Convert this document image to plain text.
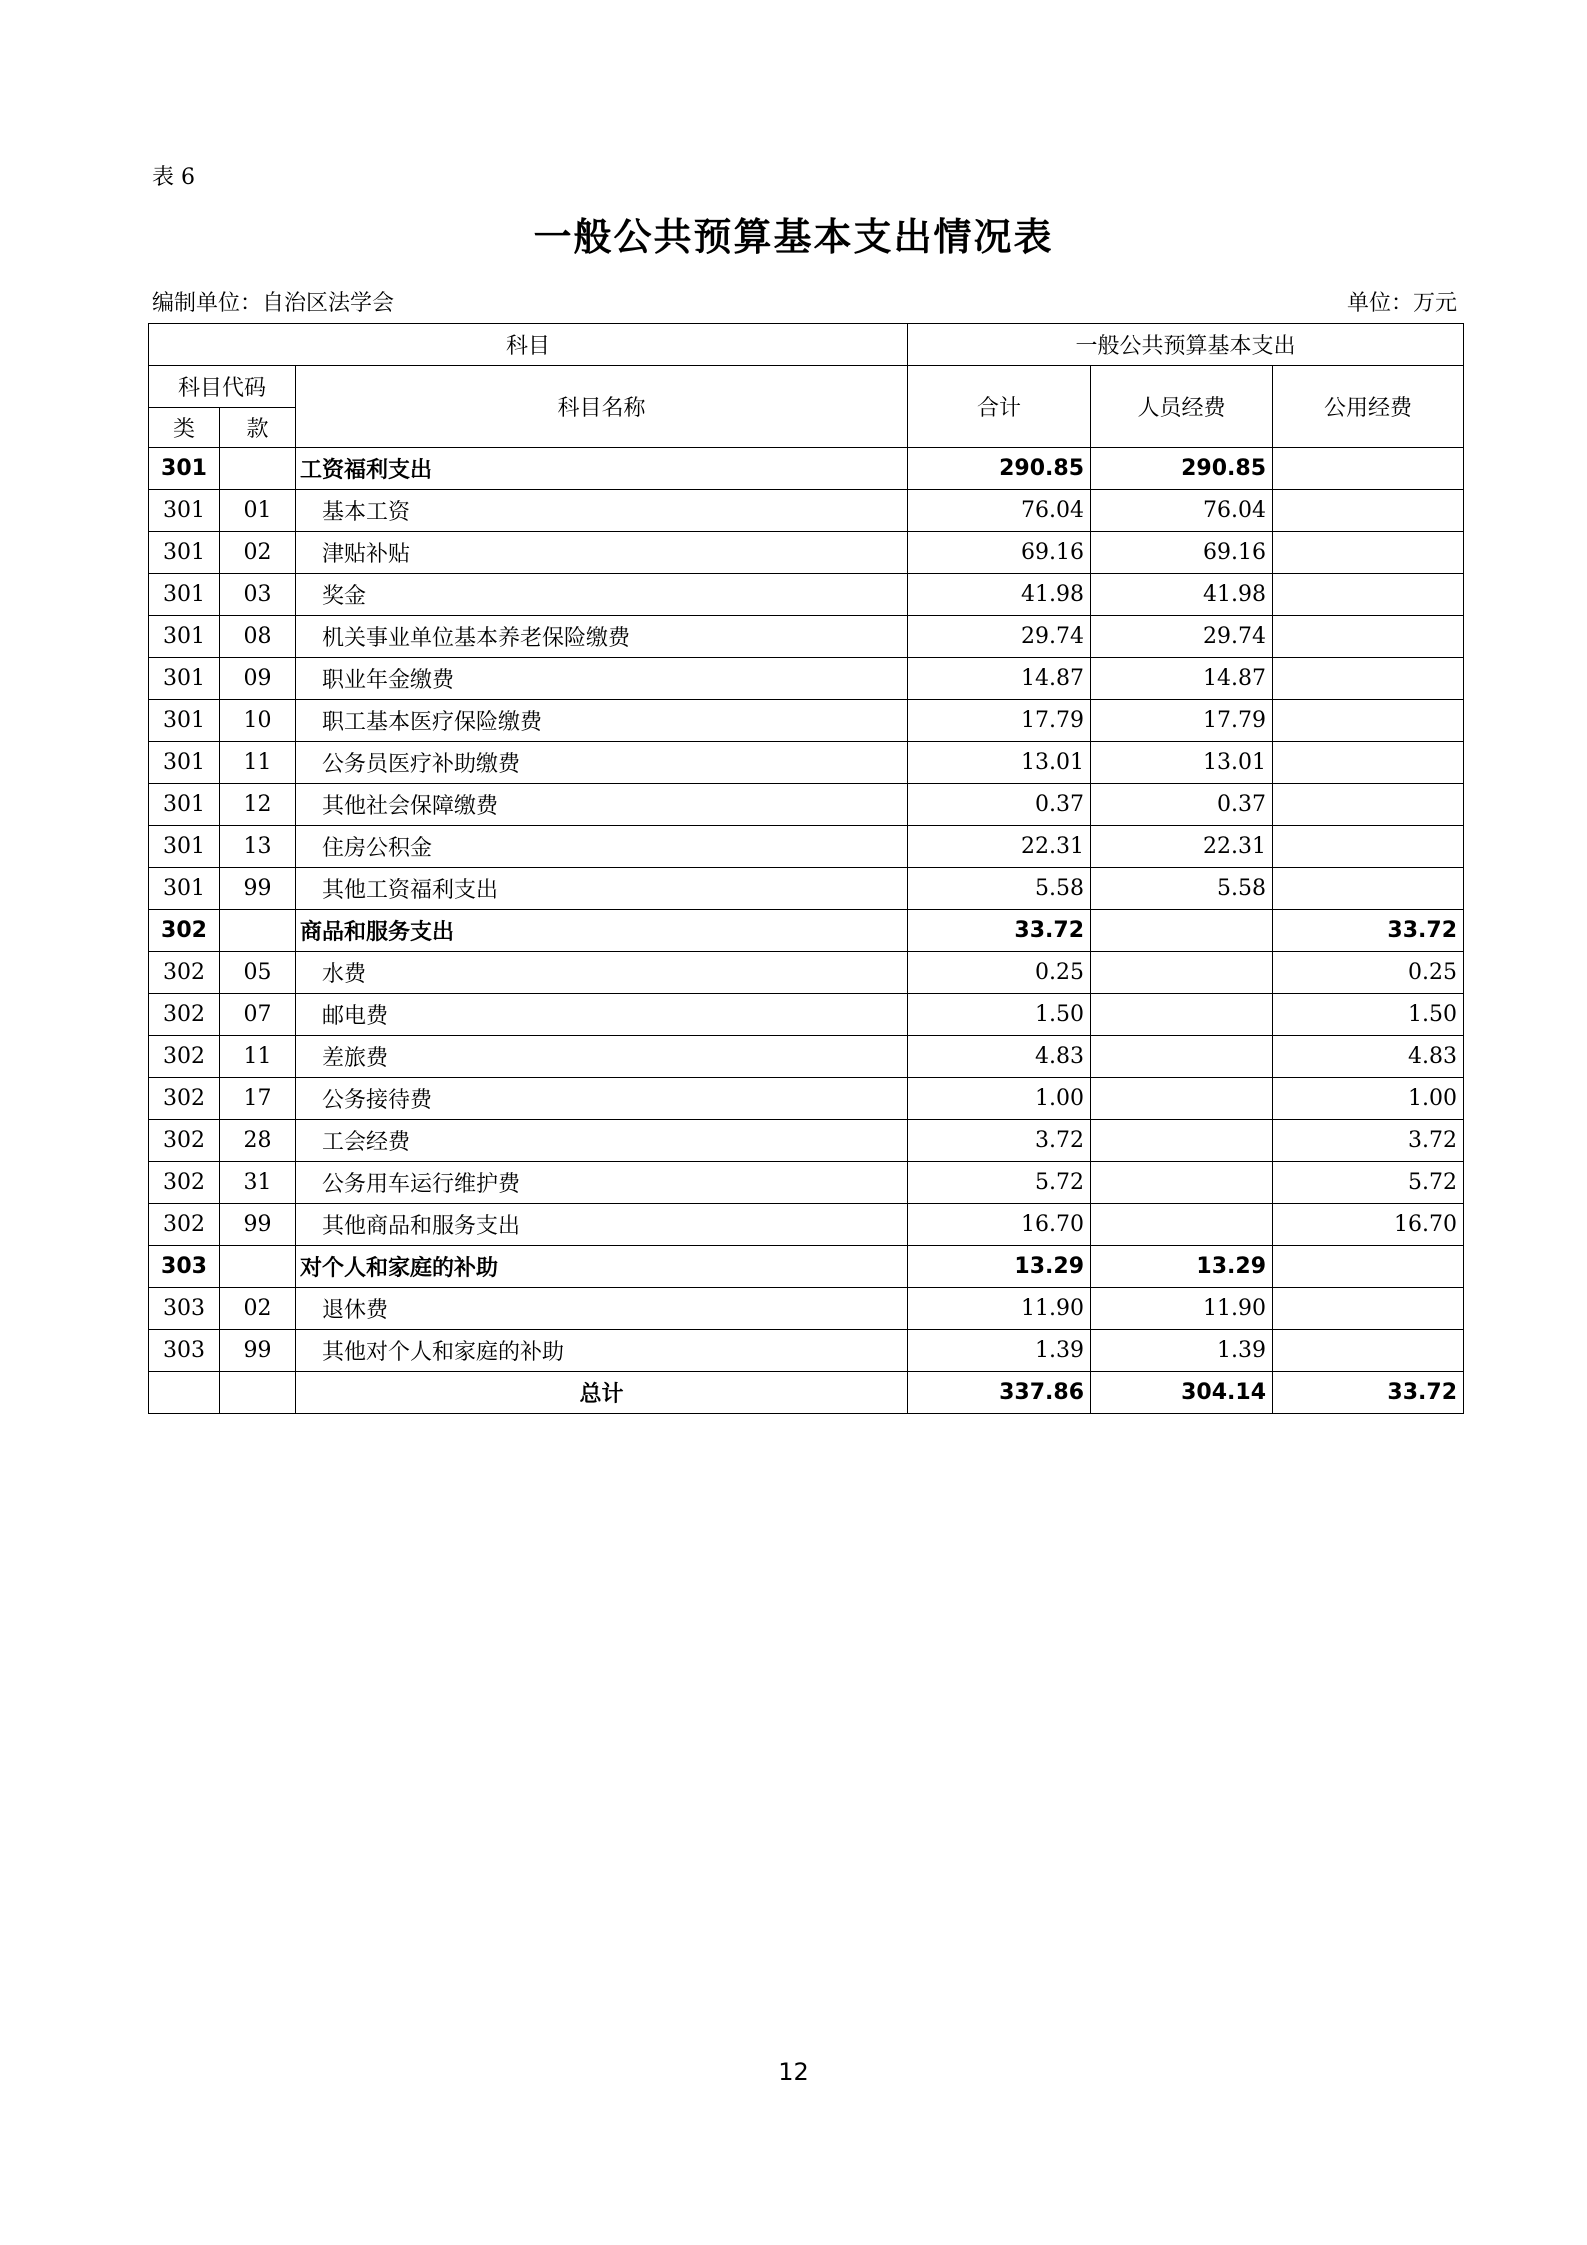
表 6
一般公共预算基本支出情况表
编制单位：自治区法学会	单位：万元
科目			一般公共预算基本支出		
科目代码		科目名称	合计	人员经费	公用经费
类	款				
301		工资福利支出	290.85	290.85	
301	01	基本工资	76.04	76.04	
301	02	津贴补贴	69.16	69.16	
301	03	奖金	41.98	41.98	
301	08	机关事业单位基本养老保险缴费	29.74	29.74	
301	09	职业年金缴费	14.87	14.87	
301	10	职工基本医疗保险缴费	17.79	17.79	
301	11	公务员医疗补助缴费	13.01	13.01	
301	12	其他社会保障缴费	0.37	0.37	
301	13	住房公积金	22.31	22.31	
301	99	其他工资福利支出	5.58	5.58	
302		商品和服务支出	33.72		33.72
302	05	水费	0.25		0.25
302	07	邮电费	1.50		1.50
302	11	差旅费	4.83		4.83
302	17	公务接待费	1.00		1.00
302	28	工会经费	3.72		3.72
302	31	公务用车运行维护费	5.72		5.72
302	99	其他商品和服务支出	16.70		16.70
303		对个人和家庭的补助	13.29	13.29	
303	02	退休费	11.90	11.90	
303	99	其他对个人和家庭的补助	1.39	1.39	
		总计	337.86	304.14	33.72
12
